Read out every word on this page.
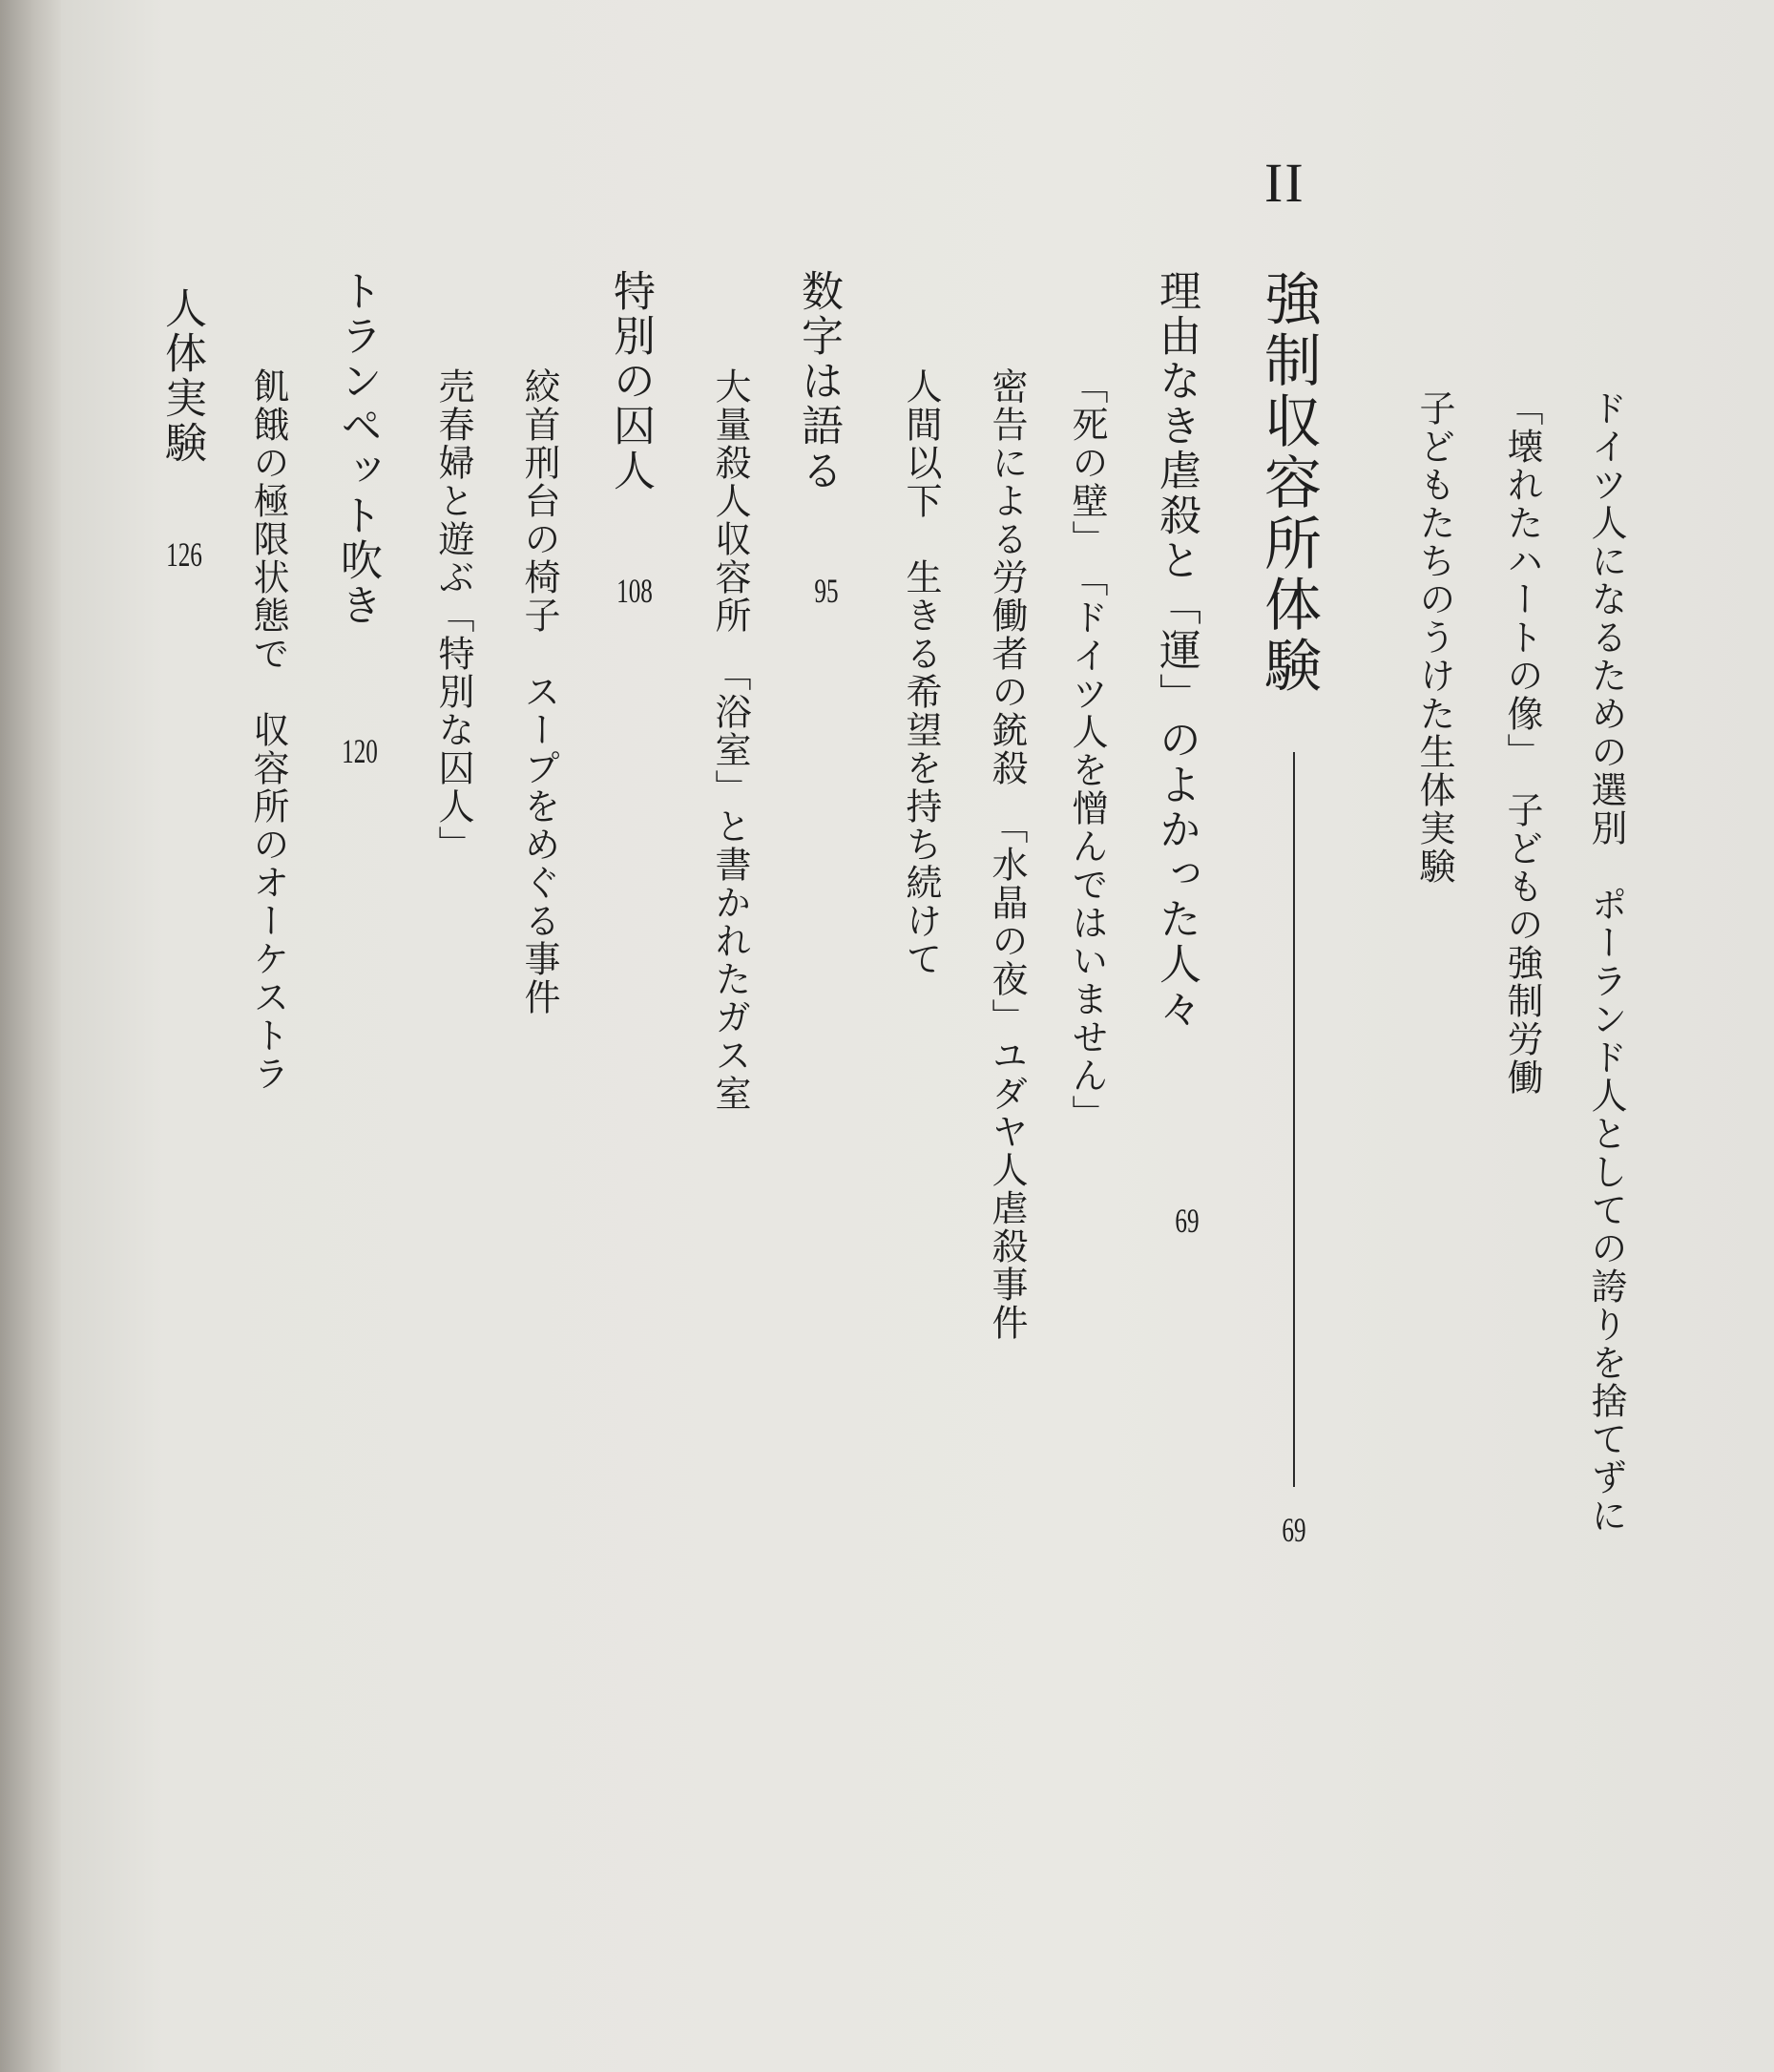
II
強制収容所体験
69	ドイツ人になるための選別　ポーランド人としての誇りを捨てずに
「壊れたハートの像」　子どもの強制労働
子どもたちのうけた生体実験
理由なき虐殺と「運」のよかった人々
69
「死の壁」　「ドイツ人を憎んではいません」
密告による労働者の銃殺　「水晶の夜」ユダヤ人虐殺事件
人間以下　生きる希望を持ち続けて
数字は語る
95
大量殺人収容所　「浴室」と書かれたガス室
特別の囚人
108
絞首刑台の椅子　スープをめぐる事件
売春婦と遊ぶ「特別な囚人」
トランペット吹き
120
飢餓の極限状態で　収容所のオーケストラ
人体実験
126
